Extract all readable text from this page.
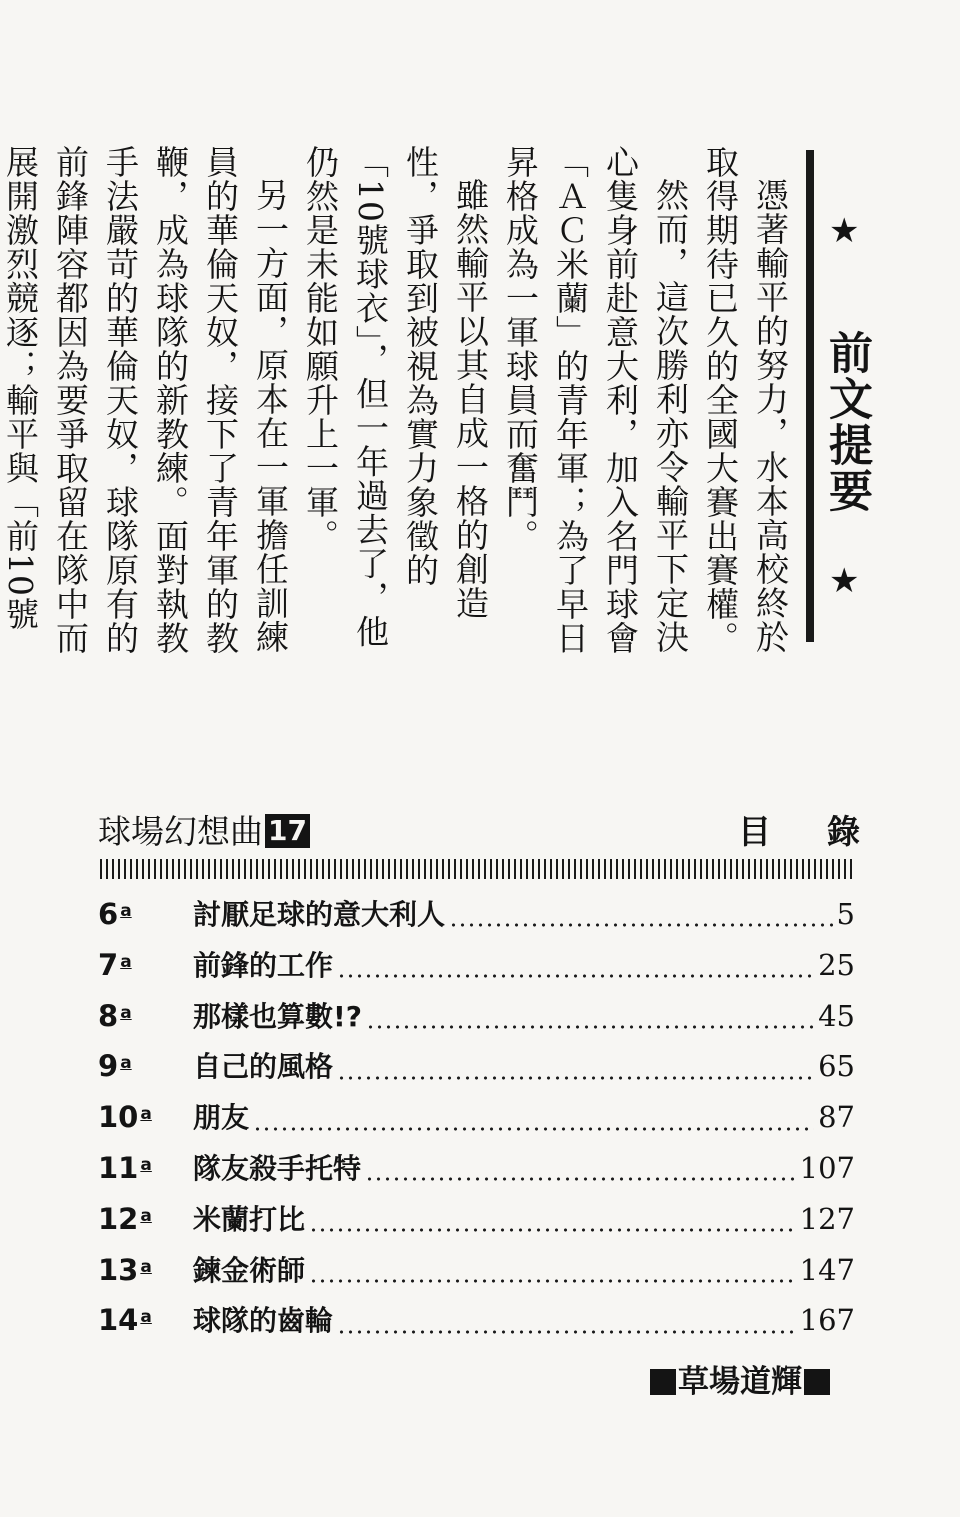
★
前文提要
★

憑著輸平的努力，水本高校終於取得期待已久的全國大賽出賽權。

然而，這次勝利亦令輸平下定決心隻身前赴意大利，加入名門球會「ＡＣ米蘭」的青年軍；為了早日昇格成為一軍球員而奮鬥。

雖然輸平以其自成一格的創造性，爭取到被視為實力象徵的「10號球衣」，但一年過去了，他仍然是未能如願升上一軍。

另一方面，原本在一軍擔任訓練員的華倫天奴，接下了青年軍的教鞭，成為球隊的新教練。面對執教手法嚴苛的華倫天奴，球隊原有的前鋒陣容都因為要爭取留在隊中而展開激烈競逐；輸平與「前10號

球場幻想曲 17	目錄
6 $^a$	討厭足球的意大利人	5
7 $^a$	前鋒的工作	25
8 $^a$	那樣也算數!?	45
9 $^a$	自己的風格	65
10 $^a$	朋友	87
11 $^a$	隊友殺手托特	107
12 $^a$	米蘭打比	127
13 $^a$	鍊金術師	147
14 $^a$	球隊的齒輪	167
草場道輝
